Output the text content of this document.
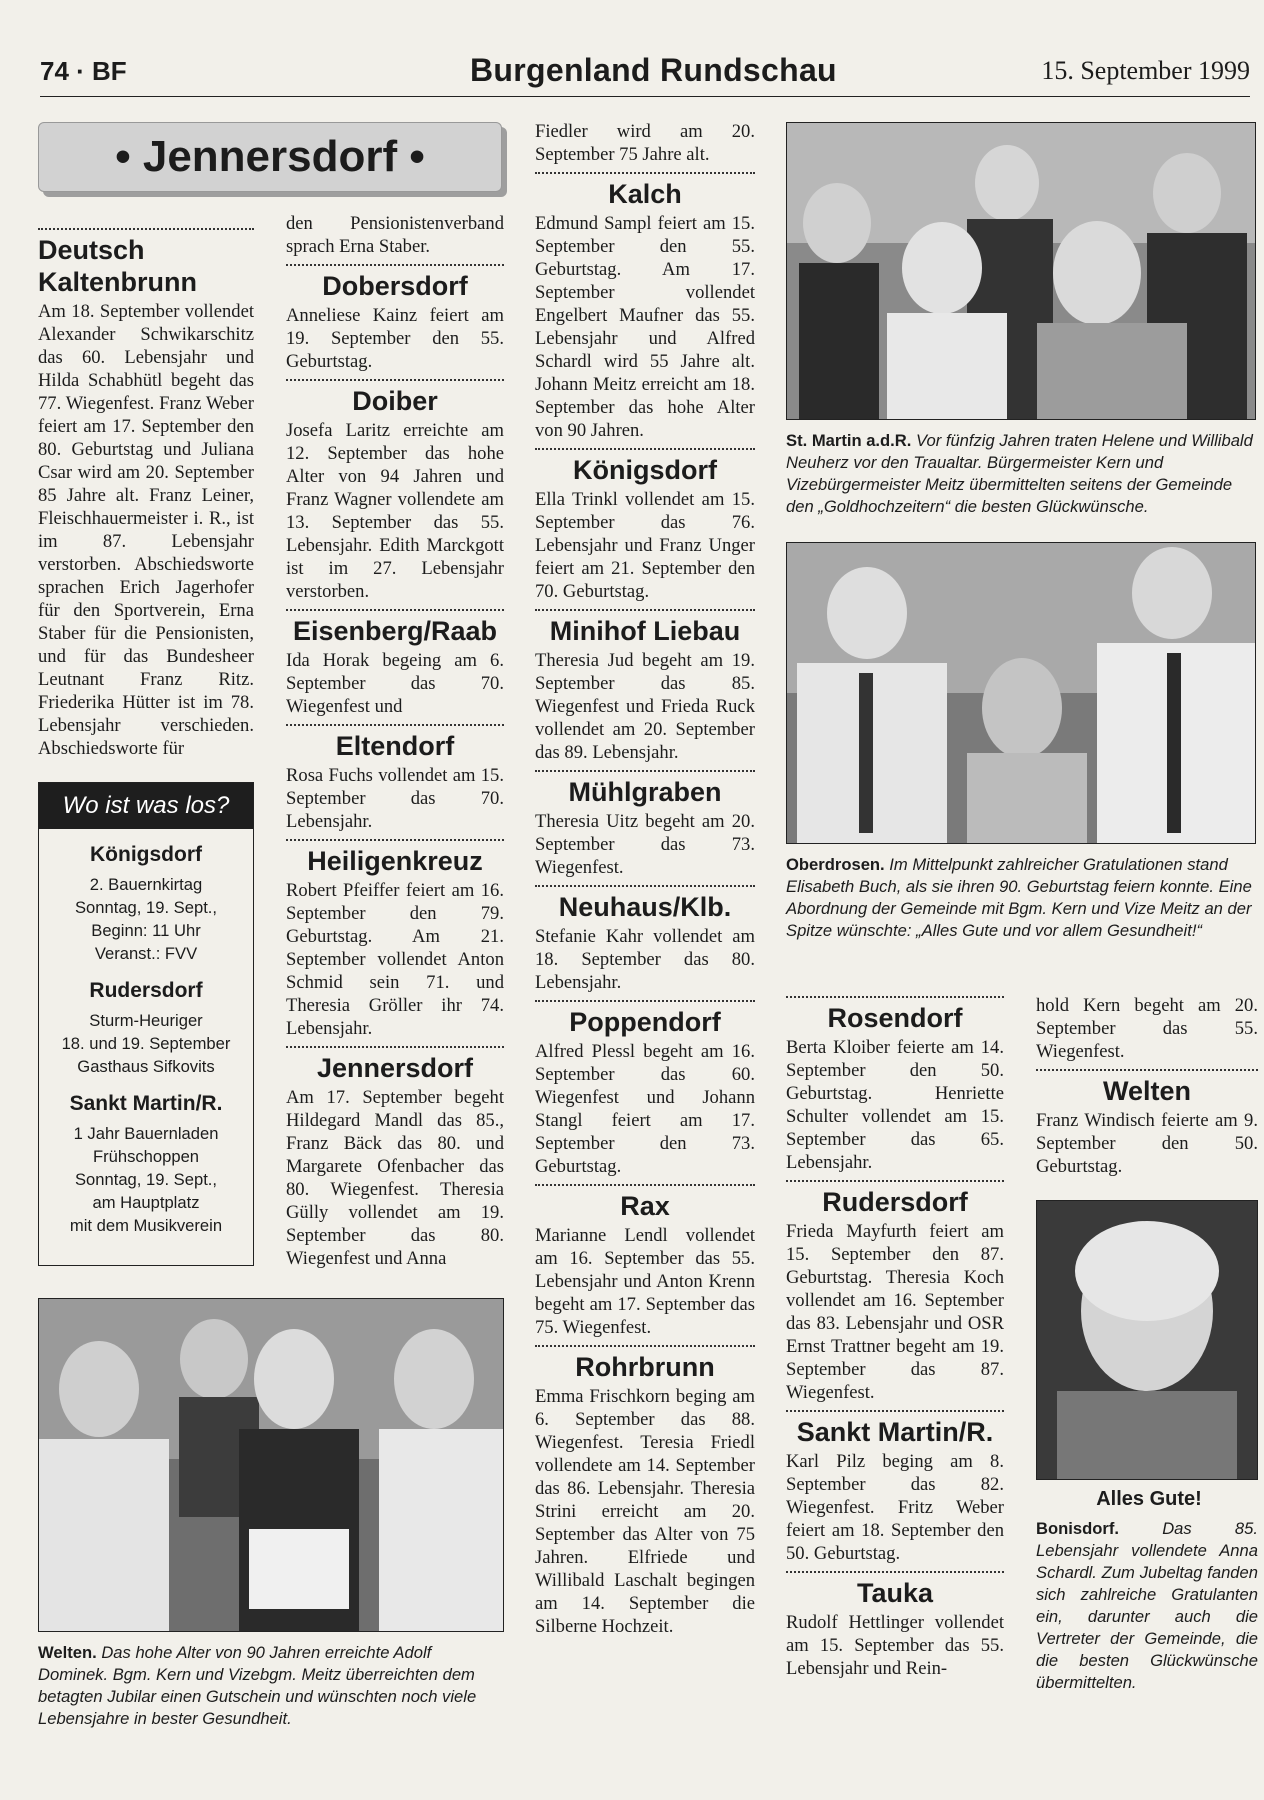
74 · BF	Burgenland Rundschau	15. September 1999
• Jennersdorf •
Deutsch Kaltenbrunn

Am 18. September vollendet Alexander Schwikarschitz das 60. Lebensjahr und Hilda Schabhütl begeht das 77. Wiegenfest. Franz Weber feiert am 17. September den 80. Geburtstag und Juliana Csar wird am 20. September 85 Jahre alt. Franz Leiner, Fleischhauermeister i. R., ist im 87. Lebensjahr verstorben. Abschiedsworte sprachen Erich Jagerhofer für den Sportverein, Erna Staber für die Pensionisten, und für das Bundesheer Leutnant Franz Ritz. Friederika Hütter ist im 78. Lebensjahr verschieden. Abschiedsworte für

Wo ist was los?
Königsdorf
2. Bauernkirtag
Sonntag, 19. Sept.,
Beginn: 11 Uhr
Veranst.: FVV
Rudersdorf
Sturm-Heuriger
18. und 19. September
Gasthaus Sifkovits
Sankt Martin/R.
1 Jahr Bauernladen
Frühschoppen
Sonntag, 19. Sept.,
am Hauptplatz
mit dem Musikverein

den Pensionistenverband sprach Erna Staber.

Dobersdorf

Anneliese Kainz feiert am 19. September den 55. Geburtstag.

Doiber

Josefa Laritz erreichte am 12. September das hohe Alter von 94 Jahren und Franz Wagner vollendete am 13. September das 55. Lebensjahr. Edith Marckgott ist im 27. Lebensjahr verstorben.

Eisenberg/Raab

Ida Horak begeing am 6. September das 70. Wiegenfest und

Eltendorf

Rosa Fuchs vollendet am 15. September das 70. Lebensjahr.

Heiligenkreuz

Robert Pfeiffer feiert am 16. September den 79. Geburtstag. Am 21. September vollendet Anton Schmid sein 71. und Theresia Gröller ihr 74. Lebensjahr.

Jennersdorf

Am 17. September begeht Hildegard Mandl das 85., Franz Bäck das 80. und Margarete Ofenbacher das 80. Wiegenfest. Theresia Gülly vollendet am 19. September das 80. Wiegenfest und Anna

Fiedler wird am 20. September 75 Jahre alt.

Kalch

Edmund Sampl feiert am 15. September den 55. Geburtstag. Am 17. September vollendet Engelbert Maufner das 55. Lebensjahr und Alfred Schardl wird 55 Jahre alt. Johann Meitz erreicht am 18. September das hohe Alter von 90 Jahren.

Königsdorf

Ella Trinkl vollendet am 15. September das 76. Lebensjahr und Franz Unger feiert am 21. September den 70. Geburtstag.

Minihof Liebau

Theresia Jud begeht am 19. September das 85. Wiegenfest und Frieda Ruck vollendet am 20. September das 89. Lebensjahr.

Mühlgraben

Theresia Uitz begeht am 20. September das 73. Wiegenfest.

Neuhaus/Klb.

Stefanie Kahr vollendet am 18. September das 80. Lebensjahr.

Poppendorf

Alfred Plessl begeht am 16. September das 60. Wiegenfest und Johann Stangl feiert am 17. September den 73. Geburtstag.

Rax

Marianne Lendl vollendet am 16. September das 55. Lebensjahr und Anton Krenn begeht am 17. September das 75. Wiegenfest.

Rohrbrunn

Emma Frischkorn beging am 6. September das 88. Wiegenfest. Teresia Friedl vollendete am 14. September das 86. Lebensjahr. Theresia Strini erreicht am 20. September das Alter von 75 Jahren. Elfriede und Willibald Laschalt begingen am 14. September die Silberne Hochzeit.

St. Martin a.d.R. Vor fünfzig Jahren traten Helene und Willibald Neuherz vor den Traualtar. Bürgermeister Kern und Vizebürgermeister Meitz übermittelten seitens der Gemeinde den „Goldhochzeitern“ die besten Glückwünsche.
Oberdrosen. Im Mittelpunkt zahlreicher Gratulationen stand Elisabeth Buch, als sie ihren 90. Geburtstag feiern konnte. Eine Abordnung der Gemeinde mit Bgm. Kern und Vize Meitz an der Spitze wünschte: „Alles Gute und vor allem Gesundheit!“
Rosendorf

Berta Kloiber feierte am 14. September den 50. Geburtstag. Henriette Schulter vollendet am 15. September das 65. Lebensjahr.

Rudersdorf

Frieda Mayfurth feiert am 15. September den 87. Geburtstag. Theresia Koch vollendet am 16. September das 83. Lebensjahr und OSR Ernst Trattner begeht am 19. September das 87. Wiegenfest.

Sankt Martin/R.

Karl Pilz beging am 8. September das 82. Wiegenfest. Fritz Weber feiert am 18. September den 50. Geburtstag.

Tauka

Rudolf Hettlinger vollendet am 15. September das 55. Lebensjahr und Rein-

hold Kern begeht am 20. September das 55. Wiegenfest.

Welten

Franz Windisch feierte am 9. September den 50. Geburtstag.

Alles Gute!
Bonisdorf.	Das 85. Lebensjahr vollendete Anna Schardl. Zum Jubeltag fanden sich zahlreiche Gratulanten ein, darunter auch die Vertreter der Gemeinde, die die besten Glückwünsche übermittelten.
Welten. Das hohe Alter von 90 Jahren erreichte Adolf Dominek. Bgm. Kern und Vizebgm. Meitz überreichten dem betagten Jubilar einen Gutschein und wünschten noch viele Lebensjahre in bester Gesundheit.
